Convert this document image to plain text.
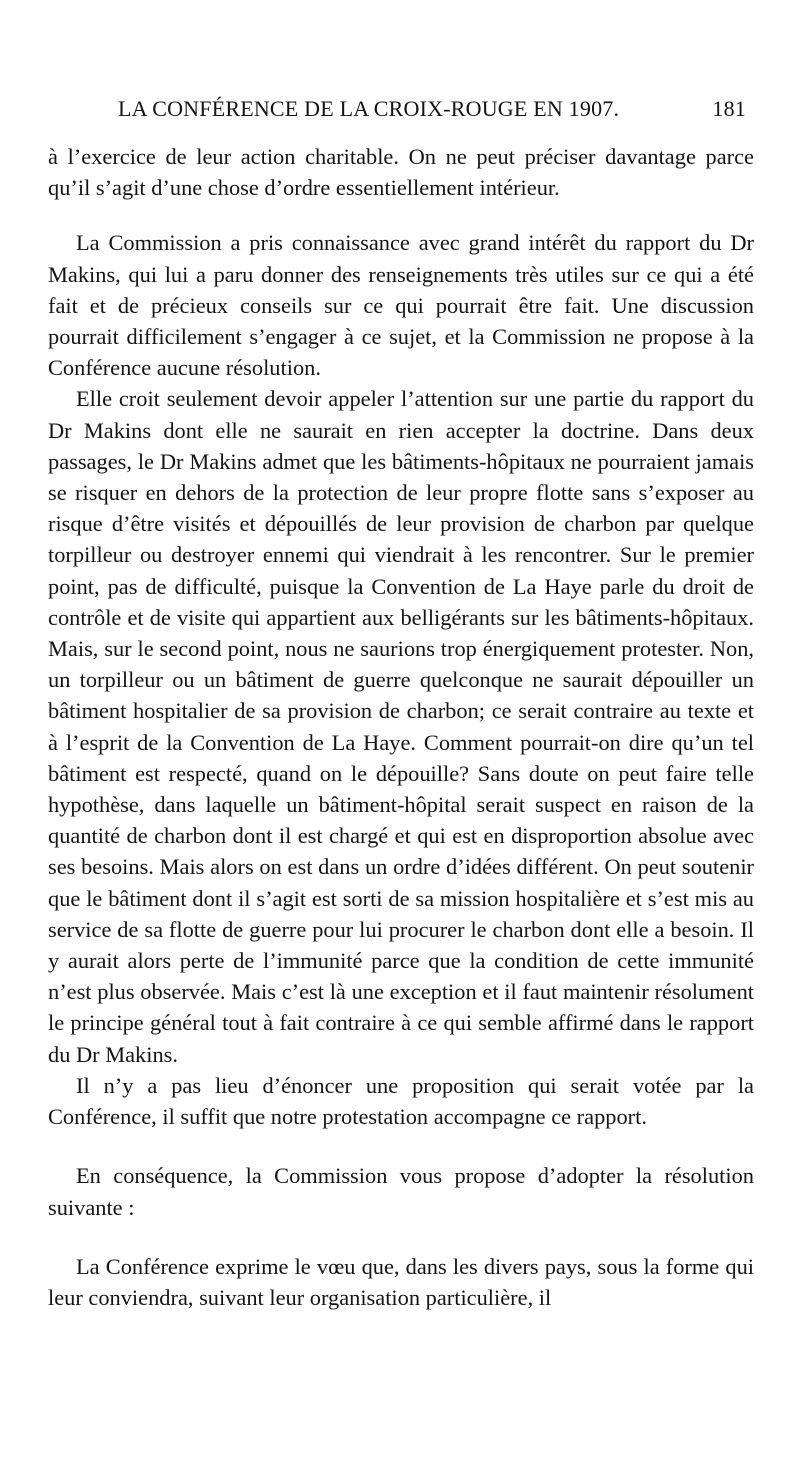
LA CONFÉRENCE DE LA CROIX-ROUGE EN 1907.	181

à l’exercice de leur action charitable. On ne peut préciser davantage parce qu’il s’agit d’une chose d’ordre essentiellement intérieur.

La Commission a pris connaissance avec grand intérêt du rapport du Dr Makins, qui lui a paru donner des renseignements très utiles sur ce qui a été fait et de précieux conseils sur ce qui pourrait être fait. Une discussion pourrait difficilement s’engager à ce sujet, et la Commission ne propose à la Conférence aucune résolution.

Elle croit seulement devoir appeler l’attention sur une partie du rapport du Dr Makins dont elle ne saurait en rien accepter la doctrine. Dans deux passages, le Dr Makins admet que les bâtiments-hôpitaux ne pourraient jamais se risquer en dehors de la protection de leur propre flotte sans s’exposer au risque d’être visités et dépouillés de leur provision de charbon par quelque torpilleur ou destroyer ennemi qui viendrait à les rencontrer. Sur le premier point, pas de difficulté, puisque la Convention de La Haye parle du droit de contrôle et de visite qui appartient aux belligérants sur les bâtiments-hôpitaux. Mais, sur le second point, nous ne saurions trop énergiquement protester. Non, un torpilleur ou un bâtiment de guerre quelconque ne saurait dépouiller un bâtiment hospitalier de sa provision de charbon; ce serait contraire au texte et à l’esprit de la Convention de La Haye. Comment pourrait-on dire qu’un tel bâtiment est respecté, quand on le dépouille? Sans doute on peut faire telle hypothèse, dans laquelle un bâtiment-hôpital serait suspect en raison de la quantité de charbon dont il est chargé et qui est en disproportion absolue avec ses besoins. Mais alors on est dans un ordre d’idées différent. On peut soutenir que le bâtiment dont il s’agit est sorti de sa mission hospitalière et s’est mis au service de sa flotte de guerre pour lui procurer le charbon dont elle a besoin. Il y aurait alors perte de l’immunité parce que la condition de cette immunité n’est plus observée. Mais c’est là une exception et il faut maintenir résolument le principe général tout à fait contraire à ce qui semble affirmé dans le rapport du Dr Makins.

Il n’y a pas lieu d’énoncer une proposition qui serait votée par la Conférence, il suffit que notre protestation accompagne ce rapport.

En conséquence, la Commission vous propose d’adopter la résolution suivante :

La Conférence exprime le vœu que, dans les divers pays, sous la forme qui leur conviendra, suivant leur organisation particulière, il
